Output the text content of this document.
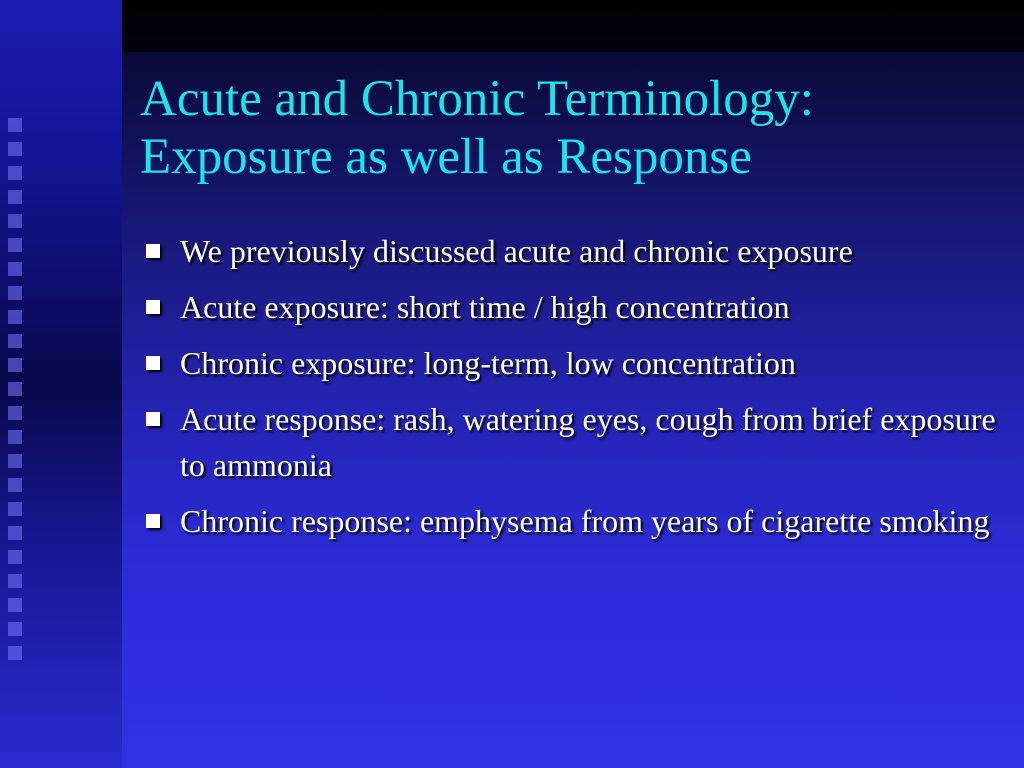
Acute and Chronic Terminology:
Exposure as well as Response
We previously discussed acute and chronic exposure
Acute exposure: short time / high concentration
Chronic exposure: long-term, low concentration
Acute response: rash, watering eyes, cough from brief exposure to ammonia
Chronic response: emphysema from years of cigarette smoking
